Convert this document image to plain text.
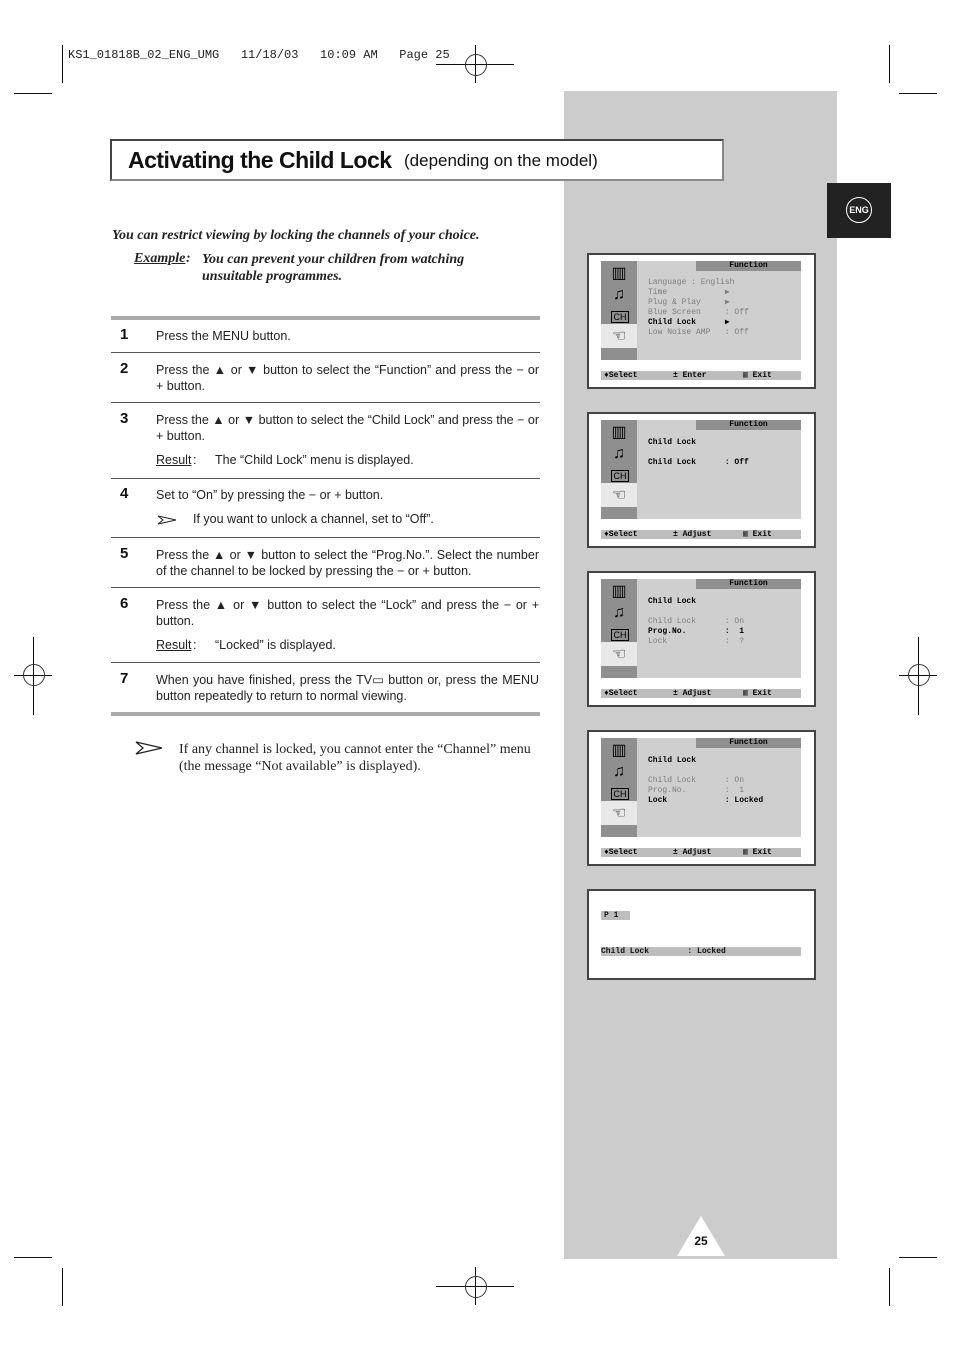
KS1_01818B_02_ENG_UMG   11/18/03   10:09 AM   Page 25
Activating the Child Lock (depending on the model)
ENG
You can restrict viewing by locking the channels of your choice.
Example : You can prevent your children from watching unsuitable programmes.
1 Press the MENU button.
2 Press the ▲ or ▼ button to select the “Function” and press the − or + button.
3 Press the ▲ or ▼ button to select the “Child Lock” and press the − or + button.
Result : The “Child Lock” menu is displayed.
4 Set to “On” by pressing the − or + button.
If you want to unlock a channel, set to “Off”.
5 Press the ▲ or ▼ button to select the “Prog.No.”. Select the number of the channel to be locked by pressing the − or + button.
6 Press the ▲ or ▼ button to select the “Lock” and press the − or + button.
Result : “Locked” is displayed.
7 When you have finished, press the TV▭ button or, press the MENU button repeatedly to return to normal viewing.
If any channel is locked, you cannot enter the “Channel” menu (the message “Not available” is displayed).
▥
♫
CH
☜
Function
Language : English
Time            ▶
Plug & Play     ▶
Blue Screen     : Off
Child Lock      ▶
Low Noise AMP   : Off
♦Select	± Enter	▥ Exit
▥
♫
CH
☜
Function
Child Lock
Child Lock      : Off
♦Select	± Adjust	▥ Exit
▥
♫
CH
☜
Function
Child Lock
Child Lock      : On
Prog.No.        :  1
Lock            :  ?
♦Select	± Adjust	▥ Exit
▥
♫
CH
☜
Function
Child Lock
Child Lock      : On
Prog.No.        :  1
Lock            : Locked
♦Select	± Adjust	▥ Exit
P 1
Child Lock        : Locked
25
